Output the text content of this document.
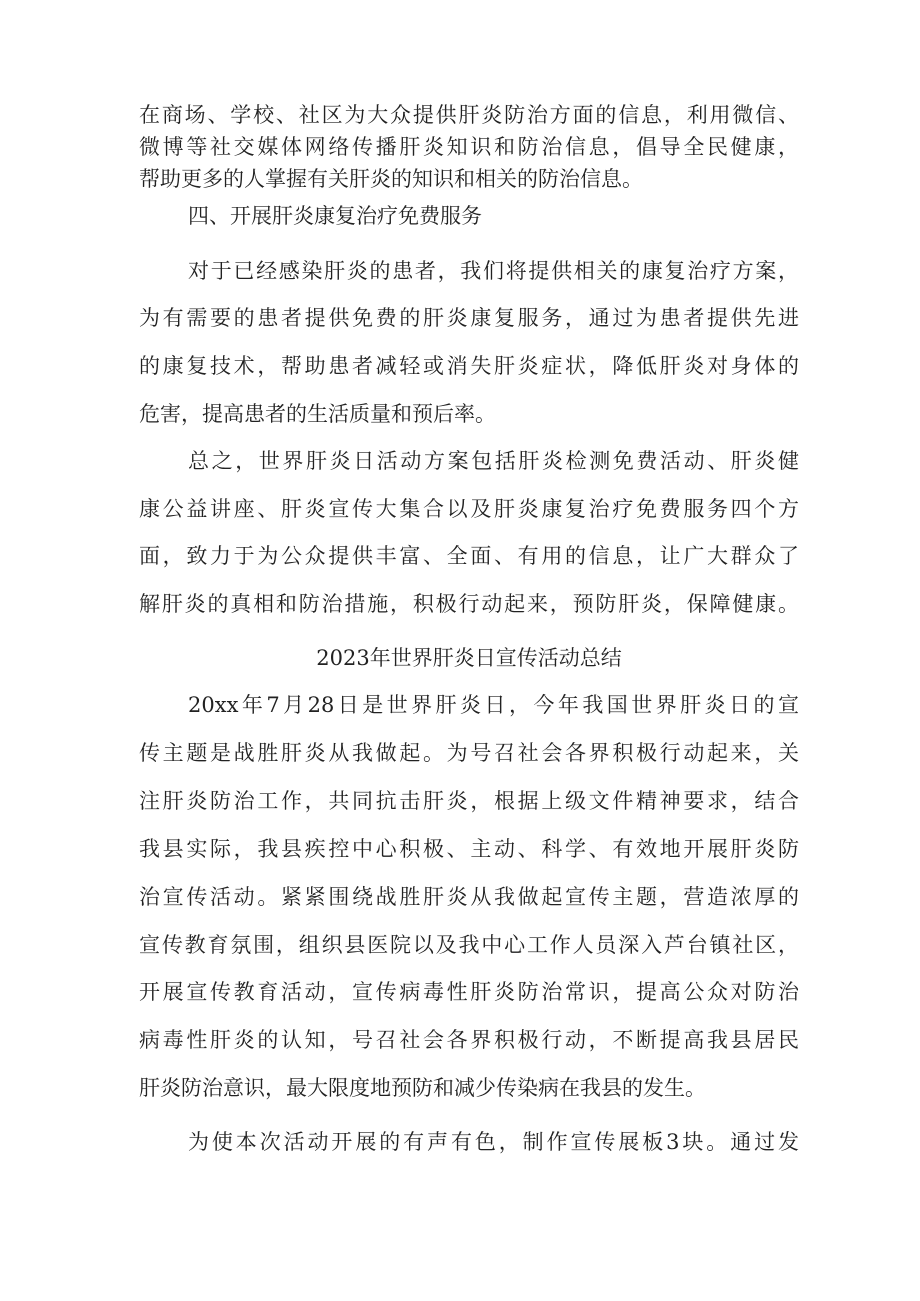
在商场、学校、社区为大众提供肝炎防治方面的信息，利用微信、
微博等社交媒体网络传播肝炎知识和防治信息，倡导全民健康，
帮助更多的人掌握有关肝炎的知识和相关的防治信息。
四、开展肝炎康复治疗免费服务
对于已经感染肝炎的患者，我们将提供相关的康复治疗方案，
为有需要的患者提供免费的肝炎康复服务，通过为患者提供先进
的康复技术，帮助患者减轻或消失肝炎症状，降低肝炎对身体的
危害，提高患者的生活质量和预后率。
总之，世界肝炎日活动方案包括肝炎检测免费活动、肝炎健
康公益讲座、肝炎宣传大集合以及肝炎康复治疗免费服务四个方
面，致力于为公众提供丰富、全面、有用的信息，让广大群众了
解肝炎的真相和防治措施，积极行动起来，预防肝炎，保障健康。
2023年世界肝炎日宣传活动总结
20xx年7月28日是世界肝炎日，今年我国世界肝炎日的宣
传主题是战胜肝炎从我做起。为号召社会各界积极行动起来，关
注肝炎防治工作，共同抗击肝炎，根据上级文件精神要求，结合
我县实际，我县疾控中心积极、主动、科学、有效地开展肝炎防
治宣传活动。紧紧围绕战胜肝炎从我做起宣传主题，营造浓厚的
宣传教育氛围，组织县医院以及我中心工作人员深入芦台镇社区，
开展宣传教育活动，宣传病毒性肝炎防治常识，提高公众对防治
病毒性肝炎的认知，号召社会各界积极行动，不断提高我县居民
肝炎防治意识，最大限度地预防和减少传染病在我县的发生。
为使本次活动开展的有声有色，制作宣传展板3块。通过发
